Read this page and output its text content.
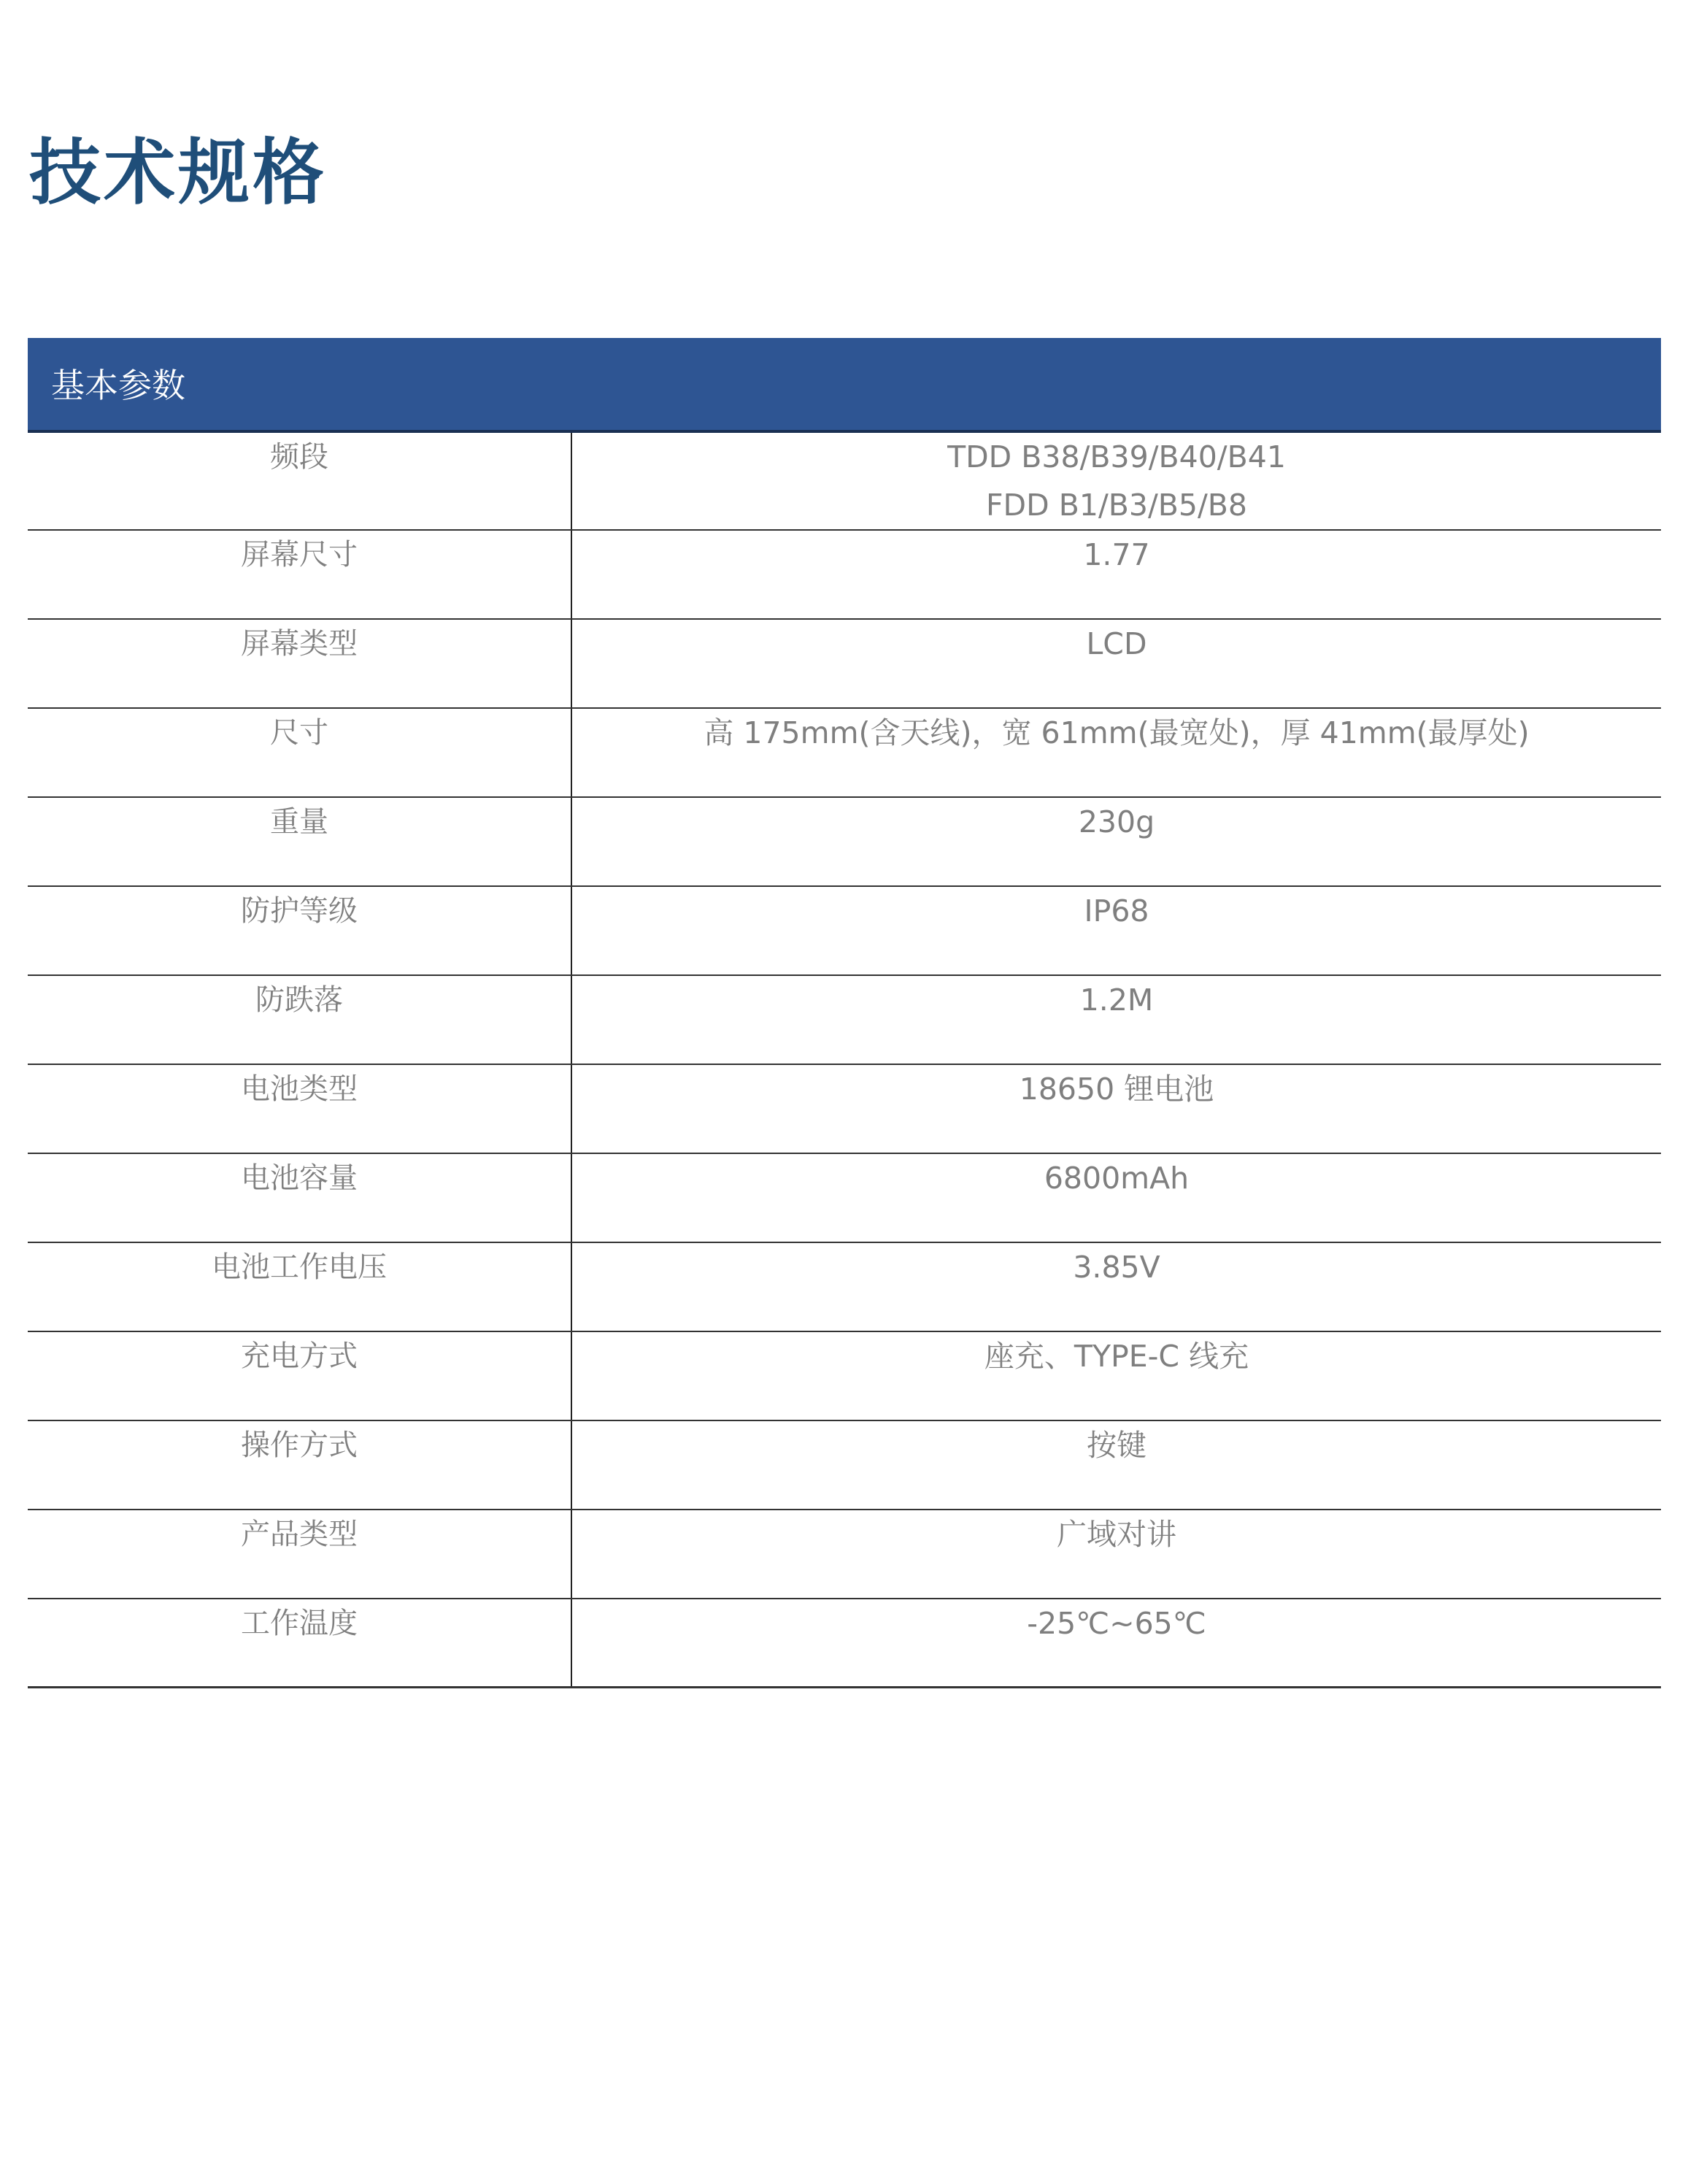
技术规格
基本参数
频段	TDD B38/B39/B40/B41
FDD B1/B3/B5/B8
屏幕尺寸	1.77
屏幕类型	LCD
尺寸	高 175mm(含天线)，宽 61mm(最宽处)，厚 41mm(最厚处)
重量	230g
防护等级	IP68
防跌落	1.2M
电池类型	18650 锂电池
电池容量	6800mAh
电池工作电压	3.85V
充电方式	座充、TYPE-C 线充
操作方式	按键
产品类型	广域对讲
工作温度	-25℃~65℃
